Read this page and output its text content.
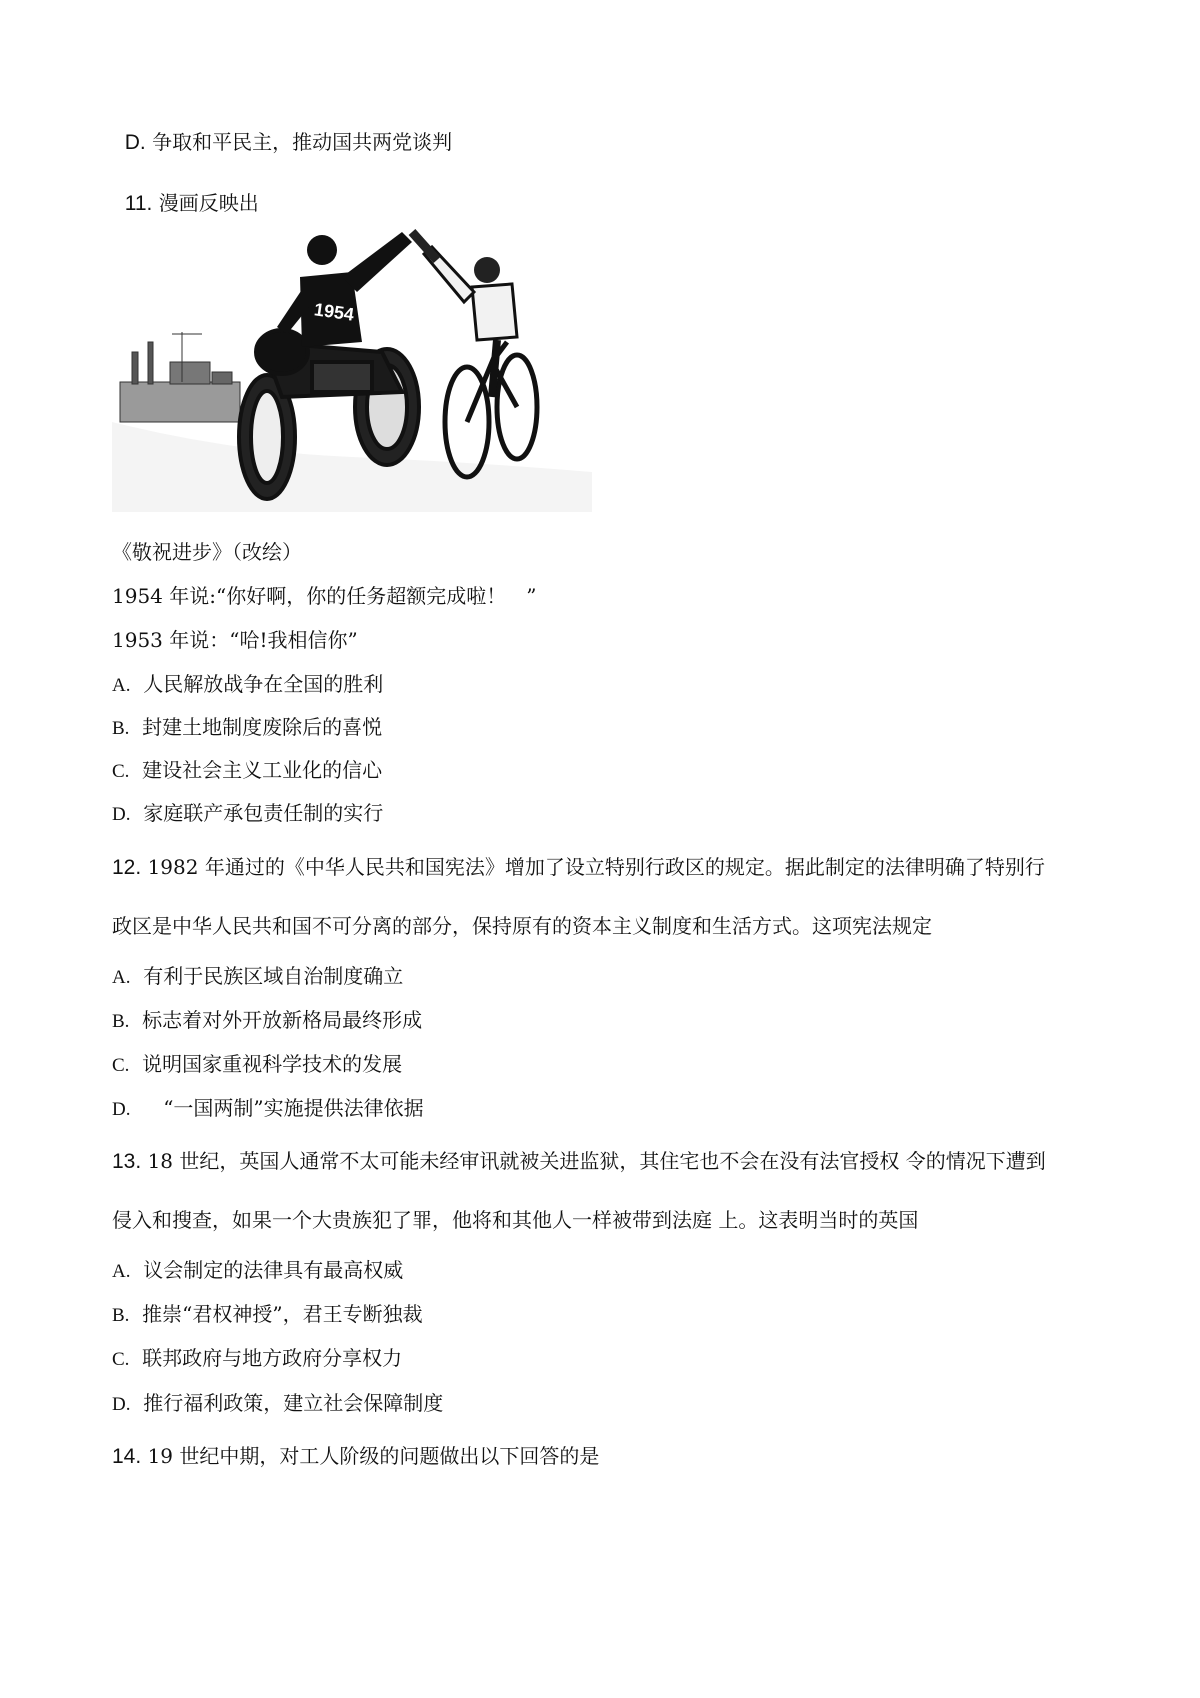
D. 争取和平民主，推动国共两党谈判

11. 漫画反映出

1954
《敬祝进步》（改绘）
1954 年说:“你好啊，你的任务超额完成啦！　”
1953 年说：“哈!我相信你”
A. 人民解放战争在全国的胜利
B. 封建土地制度废除后的喜悦
C. 建设社会主义工业化的信心
D. 家庭联产承包责任制的实行
12. 1982 年通过的《中华人民共和国宪法》增加了设立特别行政区的规定。据此制定的法律明确了特别行
政区是中华人民共和国不可分离的部分，保持原有的资本主义制度和生活方式。这项宪法规定
A. 有利于民族区域自治制度确立
B. 标志着对外开放新格局最终形成
C. 说明国家重视科学技术的发展
D.  　“一国两制”实施提供法律依据
13. 18 世纪，英国人通常不太可能未经审讯就被关进监狱，其住宅也不会在没有法官授权 令的情况下遭到
侵入和搜查，如果一个大贵族犯了罪，他将和其他人一样被带到法庭 上。这表明当时的英国
A. 议会制定的法律具有最高权威
B. 推崇“君权神授”，君王专断独裁
C. 联邦政府与地方政府分享权力
D. 推行福利政策，建立社会保障制度
14. 19 世纪中期，对工人阶级的问题做出以下回答的是
